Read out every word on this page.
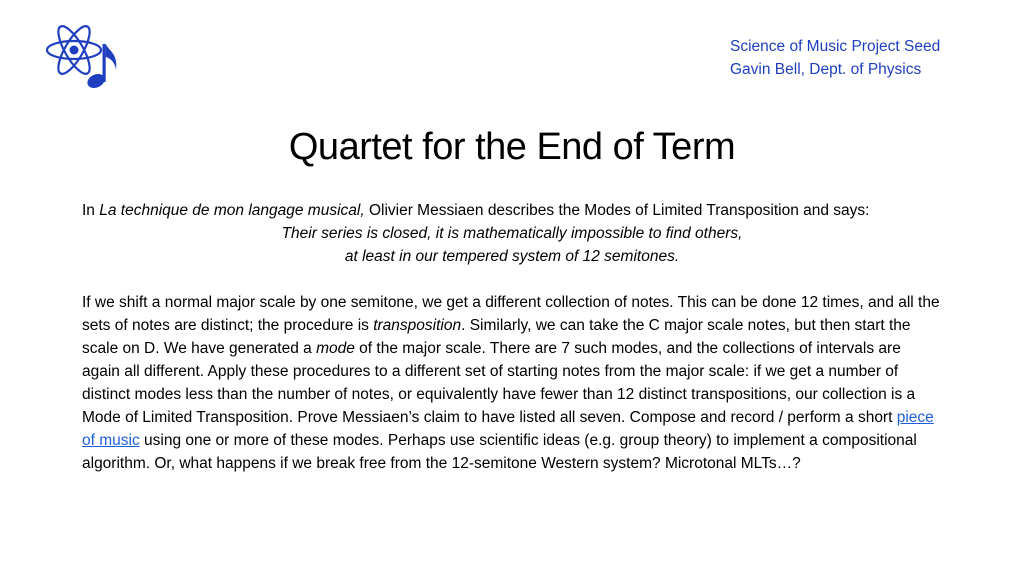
Science of Music Project Seed
Gavin Bell, Dept. of Physics
Quartet for the End of Term
In La technique de mon langage musical, Olivier Messiaen describes the Modes of Limited Transposition and says:
Their series is closed, it is mathematically impossible to find others,
at least in our tempered system of 12 semitones.
If we shift a normal major scale by one semitone, we get a different collection of notes. This can be done 12 times, and all the sets of notes are distinct; the procedure is transposition. Similarly, we can take the C major scale notes, but then start the scale on D. We have generated a mode of the major scale. There are 7 such modes, and the collections of intervals are again all different. Apply these procedures to a different set of starting notes from the major scale: if we get a number of distinct modes less than the number of notes, or equivalently have fewer than 12 distinct transpositions, our collection is a Mode of Limited Transposition. Prove Messiaen’s claim to have listed all seven. Compose and record / perform a short piece of music using one or more of these modes. Perhaps use scientific ideas (e.g. group theory) to implement a compositional algorithm. Or, what happens if we break free from the 12-semitone Western system? Microtonal MLTs…?
